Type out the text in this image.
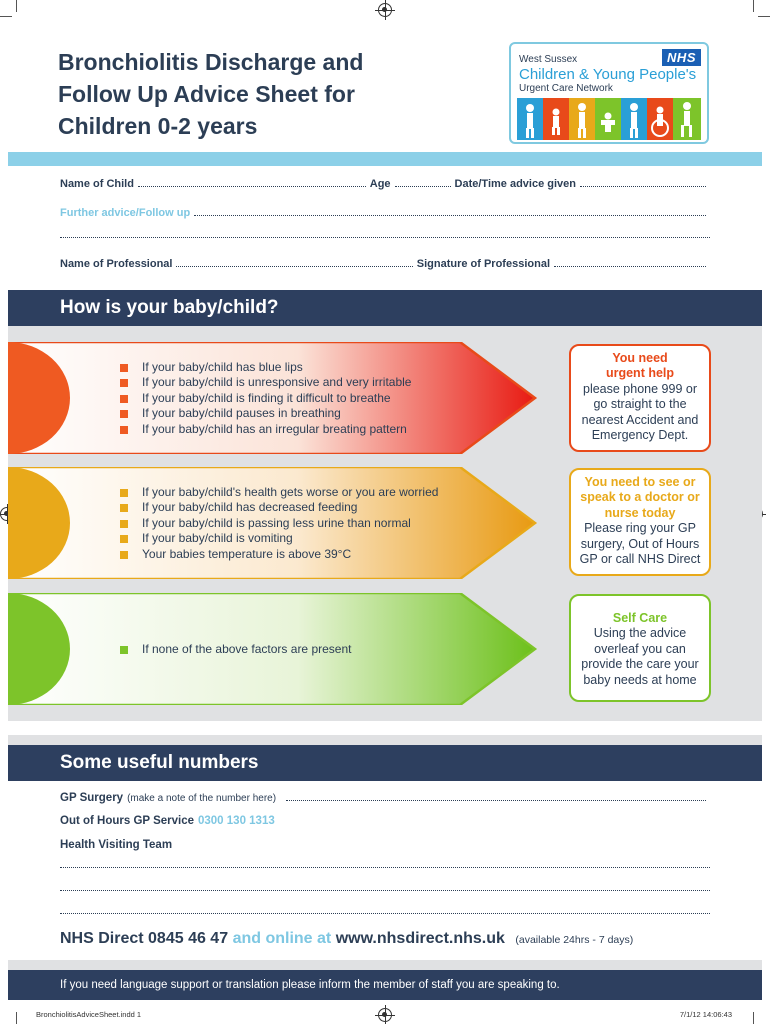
Bronchiolitis Discharge and Follow Up Advice Sheet for Children 0-2 years
West Sussex	NHS
Children & Young People's
Urgent Care Network
Name of Child	Age	Date/Time advice given
Further advice/Follow up
Name of Professional	Signature of Professional
How is your baby/child?
If your baby/child has blue lips
If your baby/child is unresponsive and very irritable
If your baby/child is finding it difficult to breathe
If your baby/child pauses in breathing
If your baby/child has an irregular breating pattern
You need
urgent help
please phone 999 or go straight to the nearest Accident and Emergency Dept.
If your baby/child's health gets worse or you are worried
If your baby/child has decreased feeding
If your baby/child is passing less urine than normal
If your baby/child is vomiting
Your babies temperature is above 39°C
You need to see or speak to a doctor or nurse today
Please ring your GP surgery, Out of Hours GP or call NHS Direct
If none of the above factors are present
Self Care
Using the advice overleaf you can provide the care your baby needs at home
Some useful numbers
GP Surgery (make a note of the number here)
Out of Hours GP Service 0300 130 1313
Health Visiting Team
NHS Direct 0845 46 47 and online at www.nhsdirect.nhs.uk (available 24hrs - 7 days)
If you need language support or translation please inform the member of staff you are speaking to.
BronchiolitisAdviceSheet.indd 1	7/1/12 14:06:43
